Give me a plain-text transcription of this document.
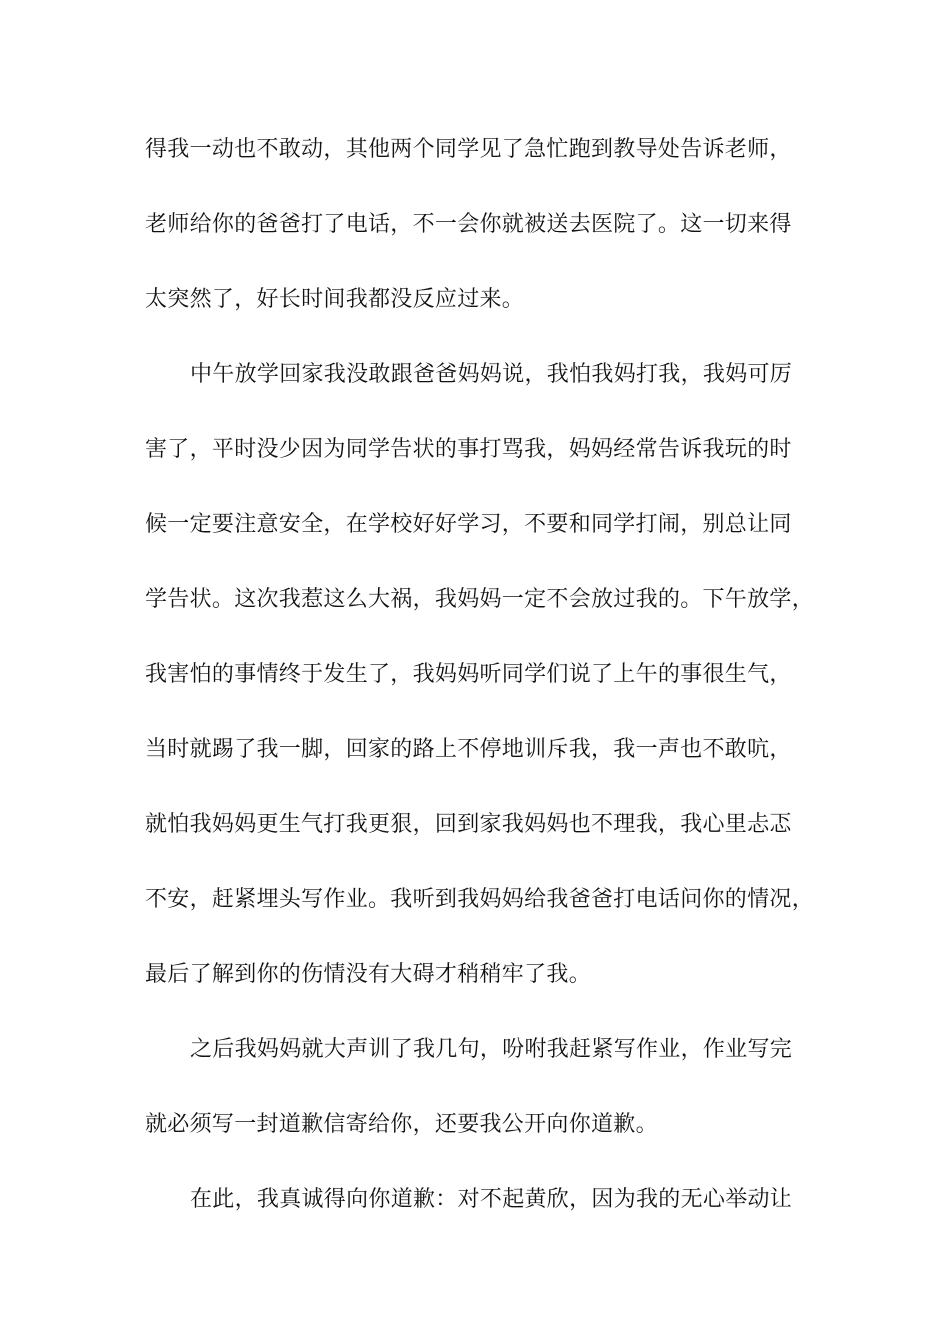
得我一动也不敢动，其他两个同学见了急忙跑到教导处告诉老师，
老师给你的爸爸打了电话，不一会你就被送去医院了。这一切来得
太突然了，好长时间我都没反应过来。
中午放学回家我没敢跟爸爸妈妈说，我怕我妈打我，我妈可厉
害了，平时没少因为同学告状的事打骂我，妈妈经常告诉我玩的时
候一定要注意安全，在学校好好学习，不要和同学打闹，别总让同
学告状。这次我惹这么大祸，我妈妈一定不会放过我的。下午放学，
我害怕的事情终于发生了，我妈妈听同学们说了上午的事很生气，
当时就踢了我一脚，回家的路上不停地训斥我，我一声也不敢吭，
就怕我妈妈更生气打我更狠，回到家我妈妈也不理我，我心里忐忑
不安，赶紧埋头写作业。我听到我妈妈给我爸爸打电话问你的情况，
最后了解到你的伤情没有大碍才稍稍牢了我。
之后我妈妈就大声训了我几句，吩咐我赶紧写作业，作业写完
就必须写一封道歉信寄给你，还要我公开向你道歉。
在此，我真诚得向你道歉：对不起黄欣，因为我的无心举动让
